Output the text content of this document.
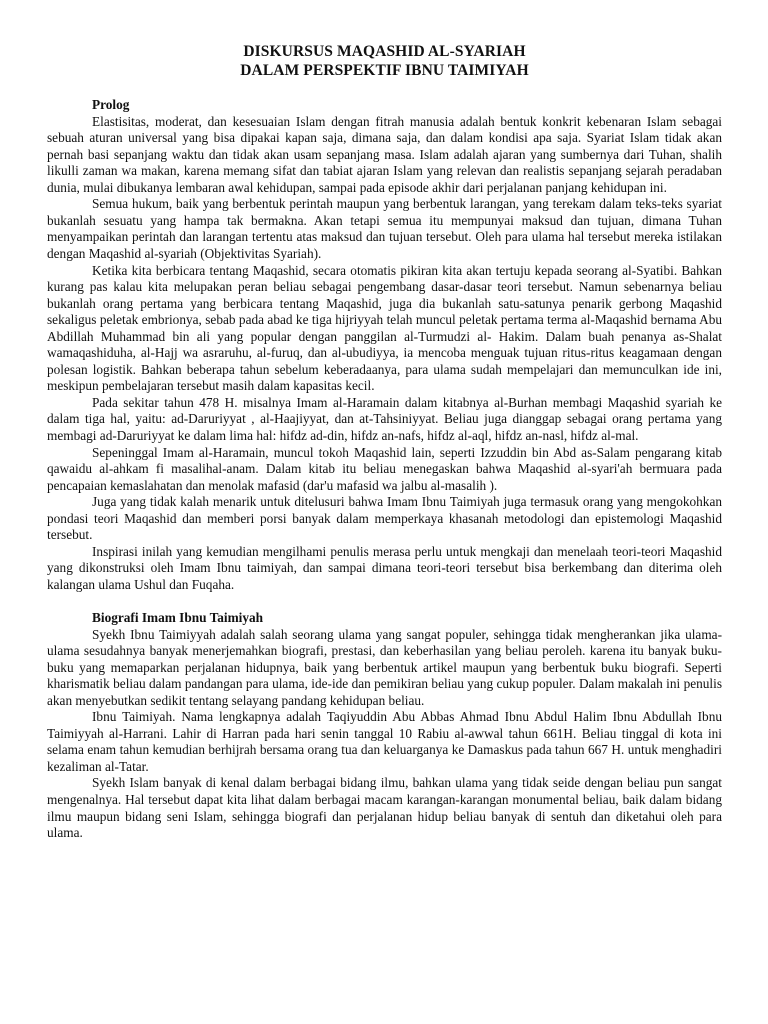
DISKURSUS MAQASHID AL-SYARIAH

DALAM PERSPEKTIF IBNU TAIMIYAH

Prolog

Elastisitas, moderat, dan kesesuaian Islam dengan fitrah manusia adalah bentuk konkrit kebenaran Islam sebagai sebuah aturan universal yang bisa dipakai kapan saja, dimana saja, dan dalam kondisi apa saja. Syariat Islam tidak akan pernah basi sepanjang waktu dan tidak akan usam sepanjang masa. Islam adalah ajaran yang sumbernya dari Tuhan, shalih likulli zaman wa makan, karena memang sifat dan tabiat ajaran Islam yang relevan dan realistis sepanjang sejarah peradaban dunia, mulai dibukanya lembaran awal kehidupan, sampai pada episode akhir dari perjalanan panjang kehidupan ini.

Semua hukum, baik yang berbentuk perintah maupun yang berbentuk larangan, yang terekam dalam teks-teks syariat bukanlah sesuatu yang hampa tak bermakna. Akan tetapi semua itu mempunyai maksud dan tujuan, dimana Tuhan menyampaikan perintah dan larangan tertentu atas maksud dan tujuan tersebut. Oleh para ulama hal tersebut mereka istilakan dengan Maqashid al-syariah (Objektivitas Syariah).

Ketika kita berbicara tentang Maqashid, secara otomatis pikiran kita akan tertuju kepada seorang al-Syatibi. Bahkan kurang pas kalau kita melupakan peran beliau sebagai pengembang dasar-dasar teori tersebut. Namun sebenarnya beliau bukanlah orang pertama yang berbicara tentang Maqashid, juga dia bukanlah satu-satunya penarik gerbong Maqashid sekaligus peletak embrionya, sebab pada abad ke tiga hijriyyah telah muncul peletak pertama terma al-Maqashid bernama Abu Abdillah Muhammad bin ali yang popular dengan panggilan al-Turmudzi al- Hakim. Dalam buah penanya as-Shalat wamaqashiduha, al-Hajj wa asraruhu, al-furuq, dan al-ubudiyya, ia mencoba menguak tujuan ritus-ritus keagamaan dengan polesan logistik. Bahkan beberapa tahun sebelum keberadaanya, para ulama sudah mempelajari dan memunculkan ide ini, meskipun pembelajaran tersebut masih dalam kapasitas kecil.

Pada sekitar tahun 478 H. misalnya Imam al-Haramain dalam kitabnya al-Burhan membagi Maqashid syariah ke dalam tiga hal, yaitu: ad-Daruriyyat , al-Haajiyyat, dan at-Tahsiniyyat. Beliau juga dianggap sebagai orang pertama yang membagi ad-Daruriyyat ke dalam lima hal: hifdz ad-din, hifdz an-nafs, hifdz al-aql, hifdz an-nasl, hifdz al-mal.

Sepeninggal Imam al-Haramain, muncul tokoh Maqashid lain, seperti Izzuddin bin Abd as-Salam pengarang kitab qawaidu al-ahkam fi masalihal-anam. Dalam kitab itu beliau menegaskan bahwa Maqashid al-syari'ah bermuara pada pencapaian kemaslahatan dan menolak mafasid (dar'u mafasid wa jalbu al-masalih ).

Juga yang tidak kalah menarik untuk ditelusuri bahwa Imam Ibnu Taimiyah juga termasuk orang yang mengokohkan pondasi teori Maqashid dan memberi porsi banyak dalam memperkaya khasanah metodologi dan epistemologi Maqashid tersebut.

Inspirasi inilah yang kemudian mengilhami penulis merasa perlu untuk mengkaji dan menelaah teori-teori Maqashid yang dikonstruksi oleh Imam Ibnu taimiyah, dan sampai dimana teori-teori tersebut bisa berkembang dan diterima oleh kalangan ulama Ushul dan Fuqaha.

Biografi Imam Ibnu Taimiyah

Syekh Ibnu Taimiyyah adalah salah seorang ulama yang sangat populer, sehingga tidak mengherankan jika ulama-ulama sesudahnya banyak menerjemahkan biografi, prestasi, dan keberhasilan yang beliau peroleh. karena itu banyak buku-buku yang memaparkan perjalanan hidupnya, baik yang berbentuk artikel maupun yang berbentuk buku biografi. Seperti kharismatik beliau dalam pandangan para ulama, ide-ide dan pemikiran beliau yang cukup populer. Dalam makalah ini penulis akan menyebutkan sedikit tentang selayang pandang kehidupan beliau.

Ibnu Taimiyah. Nama lengkapnya adalah Taqiyuddin Abu Abbas Ahmad Ibnu Abdul Halim Ibnu Abdullah Ibnu Taimiyyah al-Harrani. Lahir di Harran pada hari senin tanggal 10 Rabiu al-awwal tahun 661H. Beliau tinggal di kota ini selama enam tahun kemudian berhijrah bersama orang tua dan keluarganya ke Damaskus pada tahun 667 H. untuk menghadiri kezaliman al-Tatar.

Syekh Islam banyak di kenal dalam berbagai bidang ilmu, bahkan ulama yang tidak seide dengan beliau pun sangat mengenalnya. Hal tersebut dapat kita lihat dalam berbagai macam karangan-karangan monumental beliau, baik dalam bidang ilmu maupun bidang seni Islam, sehingga biografi dan perjalanan hidup beliau banyak di sentuh dan diketahui oleh para ulama.
